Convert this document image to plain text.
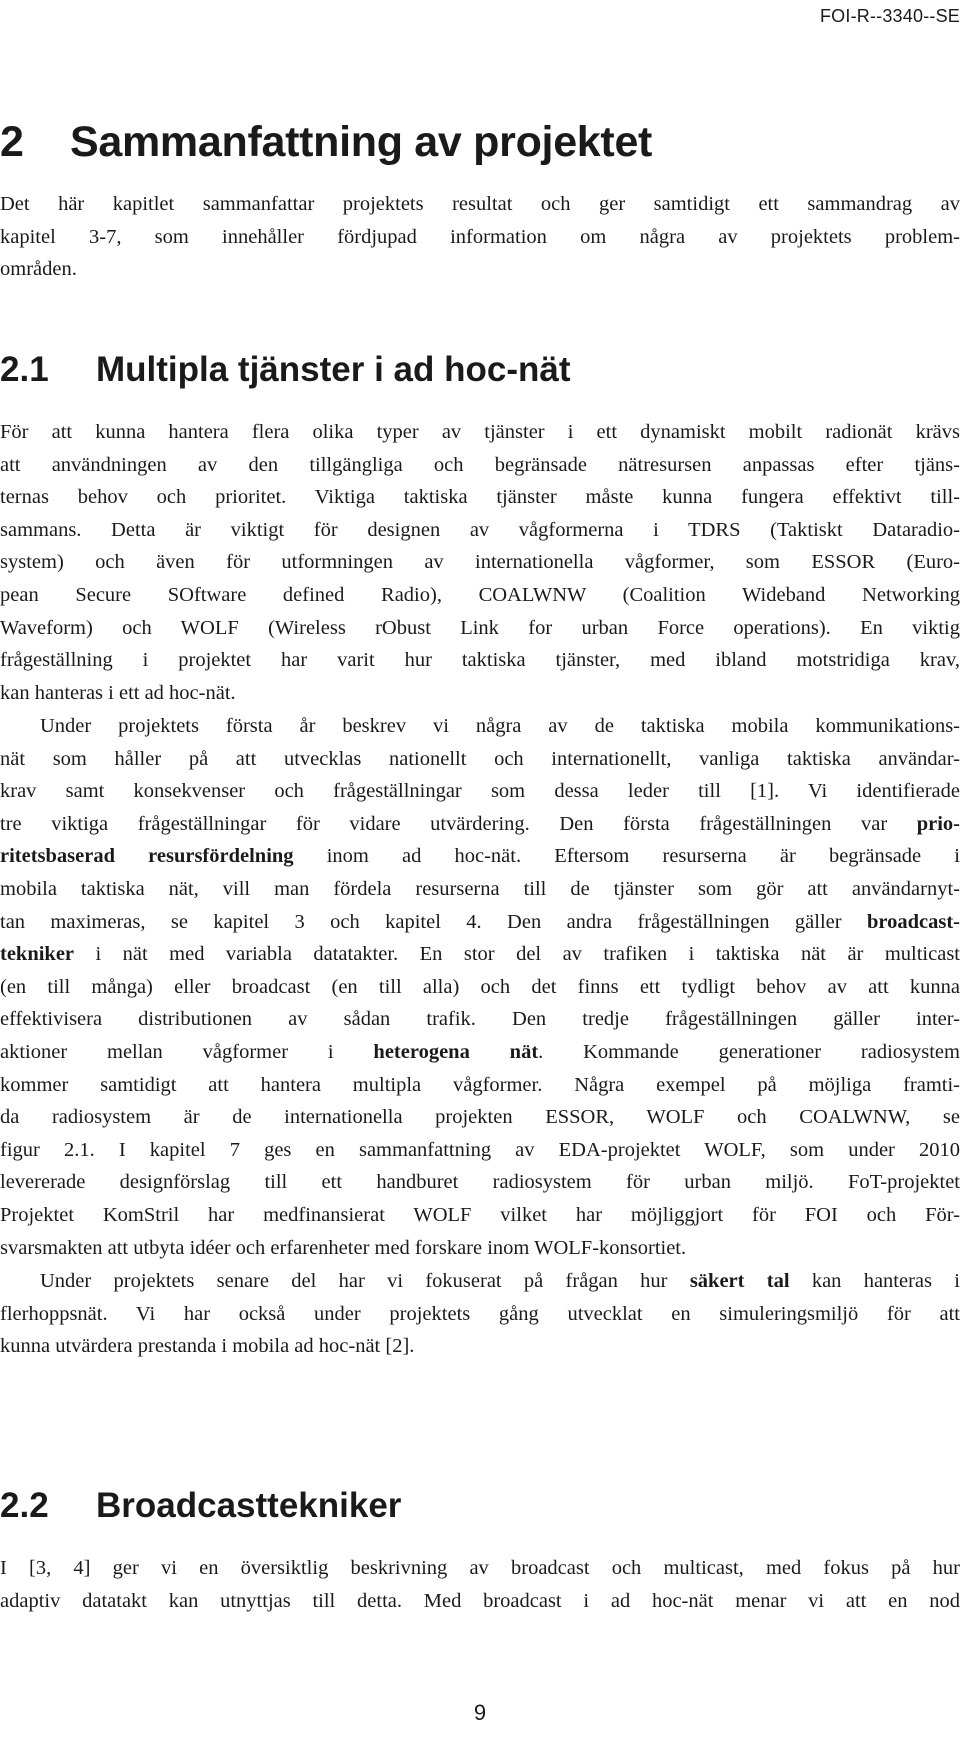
FOI-R--3340--SE
2 Sammanfattning av projektet
Det här kapitlet sammanfattar projektets resultat och ger samtidigt ett sammandrag av
kapitel 3-7, som innehåller fördjupad information om några av projektets problem-
områden.
2.1 Multipla tjänster i ad hoc-nät
För att kunna hantera flera olika typer av tjänster i ett dynamiskt mobilt radionät krävs
att användningen av den tillgängliga och begränsade nätresursen anpassas efter tjäns-
ternas behov och prioritet. Viktiga taktiska tjänster måste kunna fungera effektivt till-
sammans. Detta är viktigt för designen av vågformerna i TDRS (Taktiskt Dataradio-
system) och även för utformningen av internationella vågformer, som ESSOR (Euro-
pean Secure SOftware defined Radio), COALWNW (Coalition Wideband Networking
Waveform) och WOLF (Wireless rObust Link for urban Force operations). En viktig
frågeställning i projektet har varit hur taktiska tjänster, med ibland motstridiga krav,
kan hanteras i ett ad hoc-nät.
Under projektets första år beskrev vi några av de taktiska mobila kommunikations-
nät som håller på att utvecklas nationellt och internationellt, vanliga taktiska användar-
krav samt konsekvenser och frågeställningar som dessa leder till [1]. Vi identifierade
tre viktiga frågeställningar för vidare utvärdering. Den första frågeställningen var prio-
ritetsbaserad resursfördelning inom ad hoc-nät. Eftersom resurserna är begränsade i
mobila taktiska nät, vill man fördela resurserna till de tjänster som gör att användarnyt-
tan maximeras, se kapitel 3 och kapitel 4. Den andra frågeställningen gäller broadcast-
tekniker i nät med variabla datatakter. En stor del av trafiken i taktiska nät är multicast
(en till många) eller broadcast (en till alla) och det finns ett tydligt behov av att kunna
effektivisera distributionen av sådan trafik. Den tredje frågeställningen gäller inter-
aktioner mellan vågformer i heterogena nät. Kommande generationer radiosystem
kommer samtidigt att hantera multipla vågformer. Några exempel på möjliga framti-
da radiosystem är de internationella projekten ESSOR, WOLF och COALWNW, se
figur 2.1. I kapitel 7 ges en sammanfattning av EDA-projektet WOLF, som under 2010
levererade designförslag till ett handburet radiosystem för urban miljö. FoT-projektet
Projektet KomStril har medfinansierat WOLF vilket har möjliggjort för FOI och För-
svarsmakten att utbyta idéer och erfarenheter med forskare inom WOLF-konsortiet.
Under projektets senare del har vi fokuserat på frågan hur säkert tal kan hanteras i
flerhoppsnät. Vi har också under projektets gång utvecklat en simuleringsmiljö för att
kunna utvärdera prestanda i mobila ad hoc-nät [2].
2.2 Broadcasttekniker
I [3, 4] ger vi en översiktlig beskrivning av broadcast och multicast, med fokus på hur
adaptiv datatakt kan utnyttjas till detta. Med broadcast i ad hoc-nät menar vi att en nod
9
